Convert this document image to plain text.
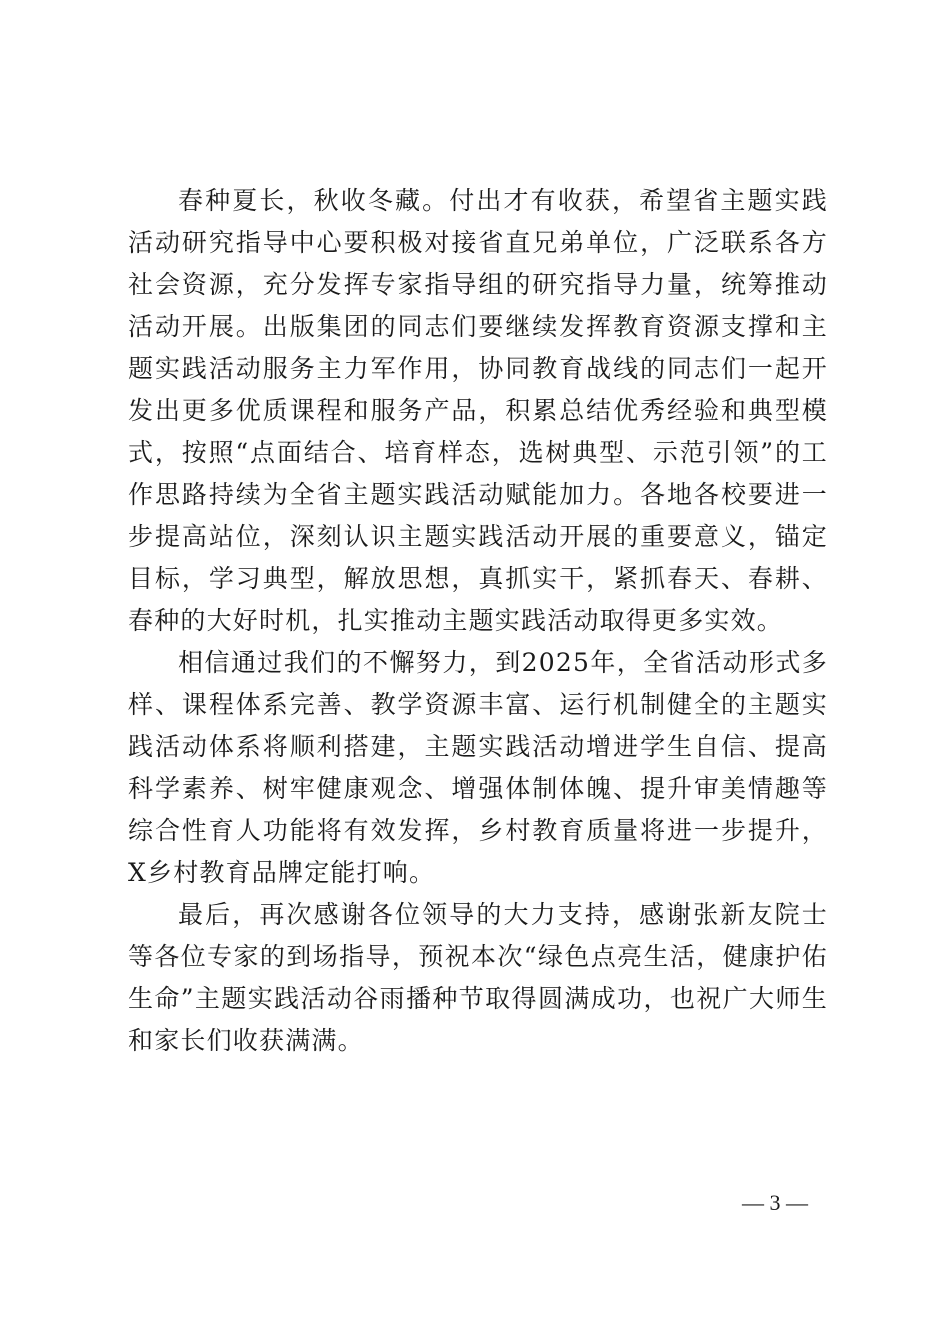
春种夏长，秋收冬藏。付出才有收获，希望省主题实践活动研究指导中心要积极对接省直兄弟单位，广泛联系各方社会资源，充分发挥专家指导组的研究指导力量，统筹推动活动开展。出版集团的同志们要继续发挥教育资源支撑和主题实践活动服务主力军作用，协同教育战线的同志们一起开发出更多优质课程和服务产品，积累总结优秀经验和典型模式，按照“点面结合、培育样态，选树典型、示范引领”的工作思路持续为全省主题实践活动赋能加力。各地各校要进一步提高站位，深刻认识主题实践活动开展的重要意义，锚定目标，学习典型，解放思想，真抓实干，紧抓春天、春耕、春种的大好时机，扎实推动主题实践活动取得更多实效。

相信通过我们的不懈努力，到2025年，全省活动形式多样、课程体系完善、教学资源丰富、运行机制健全的主题实践活动体系将顺利搭建，主题实践活动增进学生自信、提高科学素养、树牢健康观念、增强体制体魄、提升审美情趣等综合性育人功能将有效发挥，乡村教育质量将进一步提升，X乡村教育品牌定能打响。

最后，再次感谢各位领导的大力支持，感谢张新友院士等各位专家的到场指导，预祝本次“绿色点亮生活，健康护佑生命”主题实践活动谷雨播种节取得圆满成功，也祝广大师生和家长们收获满满。

— 3 —
